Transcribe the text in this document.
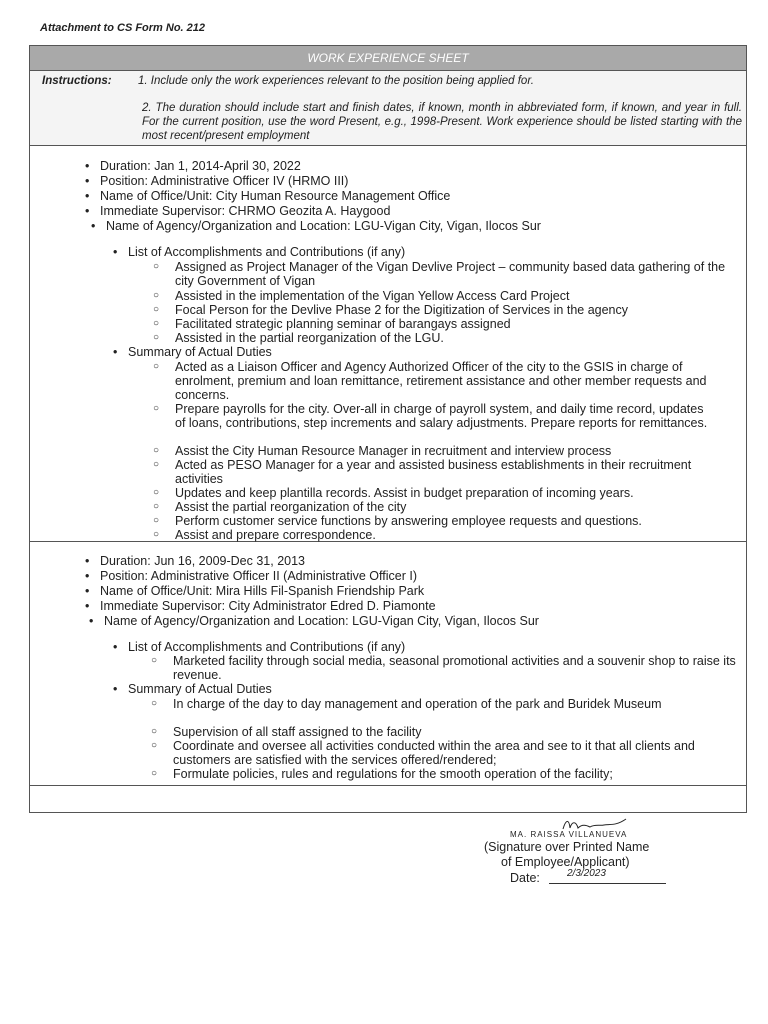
Attachment to CS Form No. 212
WORK EXPERIENCE SHEET
Instructions: 1. Include only the work experiences relevant to the position being applied for.
2. The duration should include start and finish dates, if known, month in abbreviated form, if known, and year in full. For the current position, use the word Present, e.g., 1998-Present. Work experience should be listed starting with the most recent/present employment
• Duration: Jan 1, 2014-April 30, 2022
• Position: Administrative Officer IV (HRMO III)
• Name of Office/Unit: City Human Resource Management Office
• Immediate Supervisor: CHRMO Geozita A. Haygood
• Name of Agency/Organization and Location: LGU-Vigan City, Vigan, Ilocos Sur
• List of Accomplishments and Contributions (if any)
○ Assigned as Project Manager of the Vigan Devlive Project – community based data gathering of the city Government of Vigan
○ Assisted in the implementation of the Vigan Yellow Access Card Project
○ Focal Person for the Devlive Phase 2 for the Digitization of Services in the agency
○ Facilitated strategic planning seminar of barangays assigned
○ Assisted in the partial reorganization of the LGU.
• Summary of Actual Duties
○ Acted as a Liaison Officer and Agency Authorized Officer of the city to the GSIS in charge of enrolment, premium and loan remittance, retirement assistance and other member requests and concerns.
○ Prepare payrolls for the city. Over-all in charge of payroll system, and daily time record, updates of loans, contributions, step increments and salary adjustments. Prepare reports for remittances.
○ Assist the City Human Resource Manager in recruitment and interview process
○ Acted as PESO Manager for a year and assisted business establishments in their recruitment activities
○ Updates and keep plantilla records. Assist in budget preparation of incoming years.
○ Assist the partial reorganization of the city
○ Perform customer service functions by answering employee requests and questions.
○ Assist and prepare correspondence.
• Duration: Jun 16, 2009-Dec 31, 2013
• Position: Administrative Officer II (Administrative Officer I)
• Name of Office/Unit: Mira Hills Fil-Spanish Friendship Park
• Immediate Supervisor: City Administrator Edred D. Piamonte
• Name of Agency/Organization and Location: LGU-Vigan City, Vigan, Ilocos Sur
• List of Accomplishments and Contributions (if any)
○ Marketed facility through social media, seasonal promotional activities and a souvenir shop to raise its revenue.
• Summary of Actual Duties
○ In charge of the day to day management and operation of the park and Buridek Museum
○ Supervision of all staff assigned to the facility
○ Coordinate and oversee all activities conducted within the area and see to it that all clients and customers are satisfied with the services offered/rendered;
○ Formulate policies, rules and regulations for the smooth operation of the facility;
MA. RAISSA VILLANUEVA
(Signature over Printed Name
of Employee/Applicant)
Date:	2/3/2023
